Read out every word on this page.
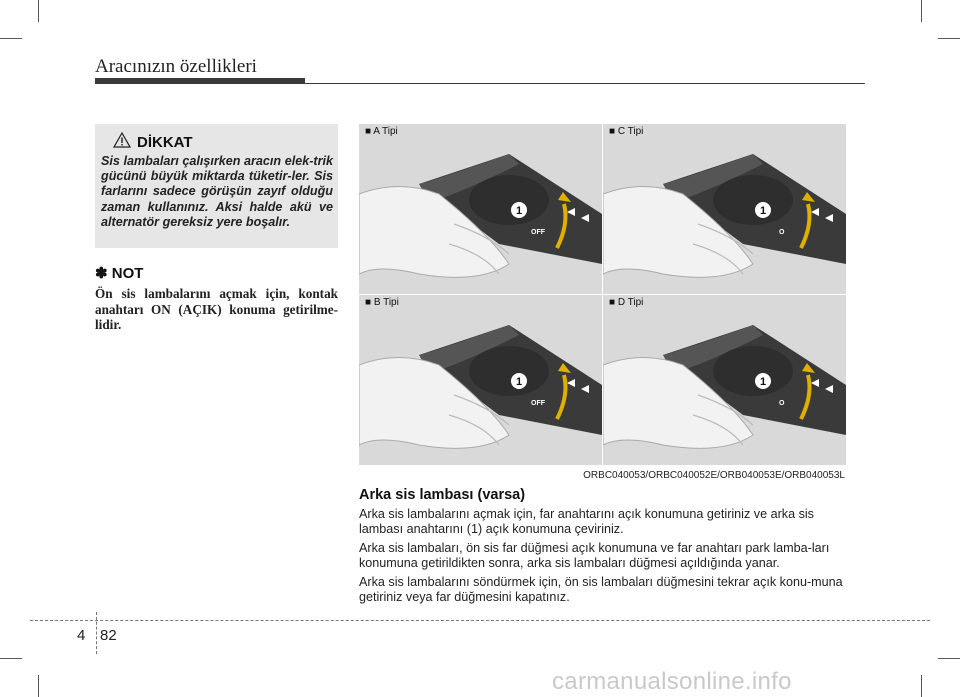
Aracınızın özellikleri
DİKKAT
Sis lambaları çalışırken aracın elek-trik gücünü büyük miktarda tüketir-ler. Sis farlarını sadece görüşün zayıf olduğu zaman kullanınız. Aksi halde akü ve alternatör gereksiz yere boşalır.
✽ NOT
Ön sis lambalarını açmak için, kontak anahtarı ON (AÇIK) konuma getirilme-lidir.
■ A Tipi
1
OFF
■ C Tipi
1
O
■ B Tipi
1
OFF
■ D Tipi
1
O
ORBC040053/ORBC040052E/ORB040053E/ORB040053L
Arka sis lambası (varsa)
Arka sis lambalarını açmak için, far anahtarını açık konumuna getiriniz ve arka sis lambası anahtarını (1) açık konumuna çeviriniz.
Arka sis lambaları, ön sis far düğmesi açık konumuna ve far anahtarı park lamba-ları konumuna getirildikten sonra, arka sis lambaları düğmesi açıldığında yanar.
Arka sis lambalarını söndürmek için, ön sis lambaları düğmesini tekrar açık konu-muna getiriniz veya far düğmesini kapatınız.
4 82
carmanualsonline.info
